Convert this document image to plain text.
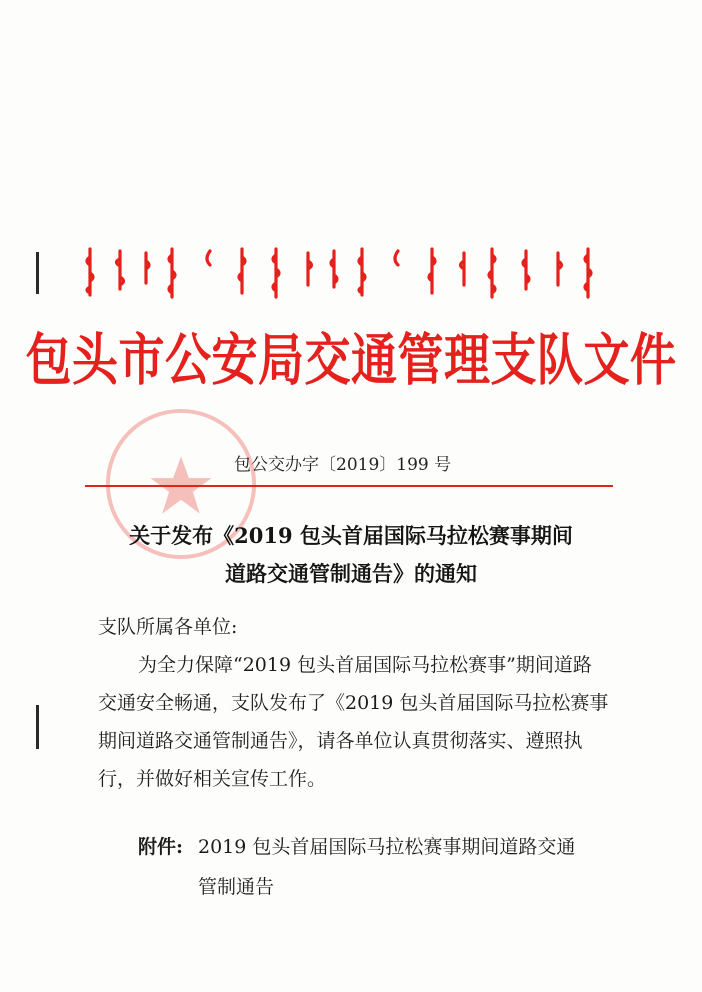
包头市公安局交通管理支队文件
包公交办字〔2019〕199 号
关于发布《2019 包头首届国际马拉松赛事期间
道路交通管制通告》的通知
支队所属各单位:
为全力保障“2019 包头首届国际马拉松赛事”期间道路
交通安全畅通，支队发布了《2019 包头首届国际马拉松赛事
期间道路交通管制通告》，请各单位认真贯彻落实、遵照执
行，并做好相关宣传工作。
附件: 2019 包头首届国际马拉松赛事期间道路交通
管制通告
